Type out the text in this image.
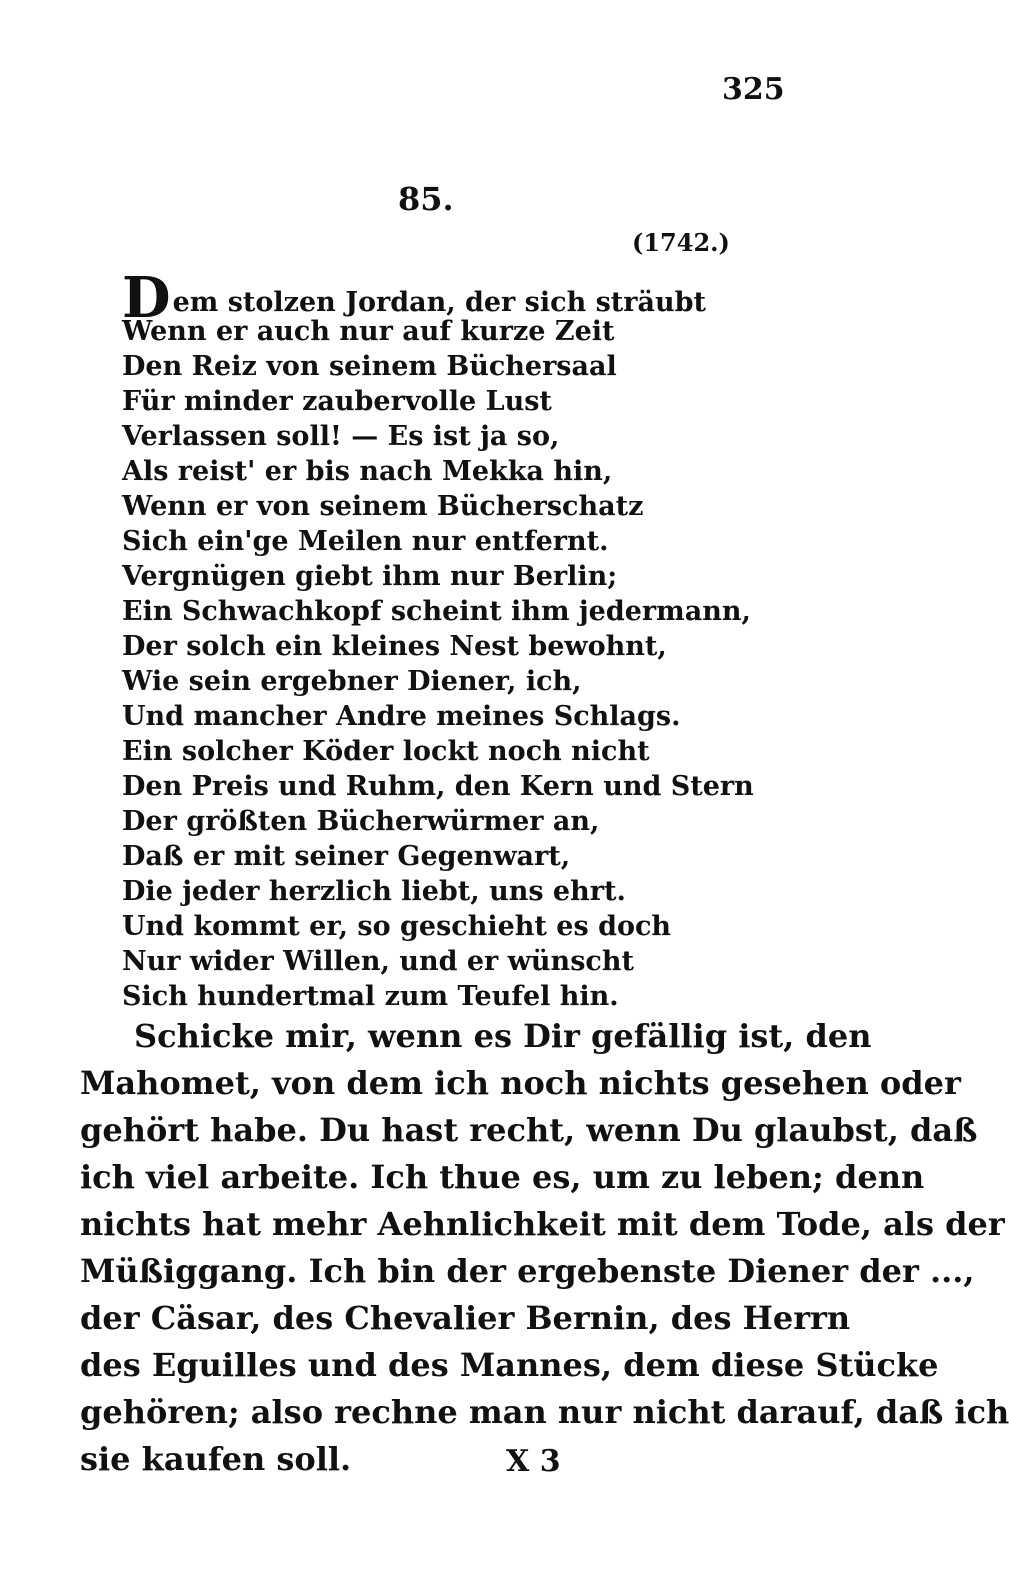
325
85.
(1742.)
Dem stolzen Jordan, der sich sträubt
Wenn er auch nur auf kurze Zeit
Den Reiz von seinem Büchersaal
Für minder zaubervolle Lust
Verlassen soll! — Es ist ja so,
Als reist' er bis nach Mekka hin,
Wenn er von seinem Bücherschatz
Sich ein'ge Meilen nur entfernt.
Vergnügen giebt ihm nur Berlin;
Ein Schwachkopf scheint ihm jedermann,
Der solch ein kleines Nest bewohnt,
Wie sein ergebner Diener, ich,
Und mancher Andre meines Schlags.
Ein solcher Köder lockt noch nicht
Den Preis und Ruhm, den Kern und Stern
Der größten Bücherwürmer an,
Daß er mit seiner Gegenwart,
Die jeder herzlich liebt, uns ehrt.
Und kommt er, so geschieht es doch
Nur wider Willen, und er wünscht
Sich hundertmal zum Teufel hin.
Schicke mir, wenn es Dir gefällig ist, den
Mahomet, von dem ich noch nichts gesehen oder
gehört habe. Du hast recht, wenn Du glaubst, daß
ich viel arbeite. Ich thue es, um zu leben; denn
nichts hat mehr Aehnlichkeit mit dem Tode, als der
Müßiggang. Ich bin der ergebenste Diener der ...,
der Cäsar, des Chevalier Bernin, des Herrn
des Eguilles und des Mannes, dem diese Stücke
gehören; also rechne man nur nicht darauf, daß ich
sie kaufen soll.	X 3
